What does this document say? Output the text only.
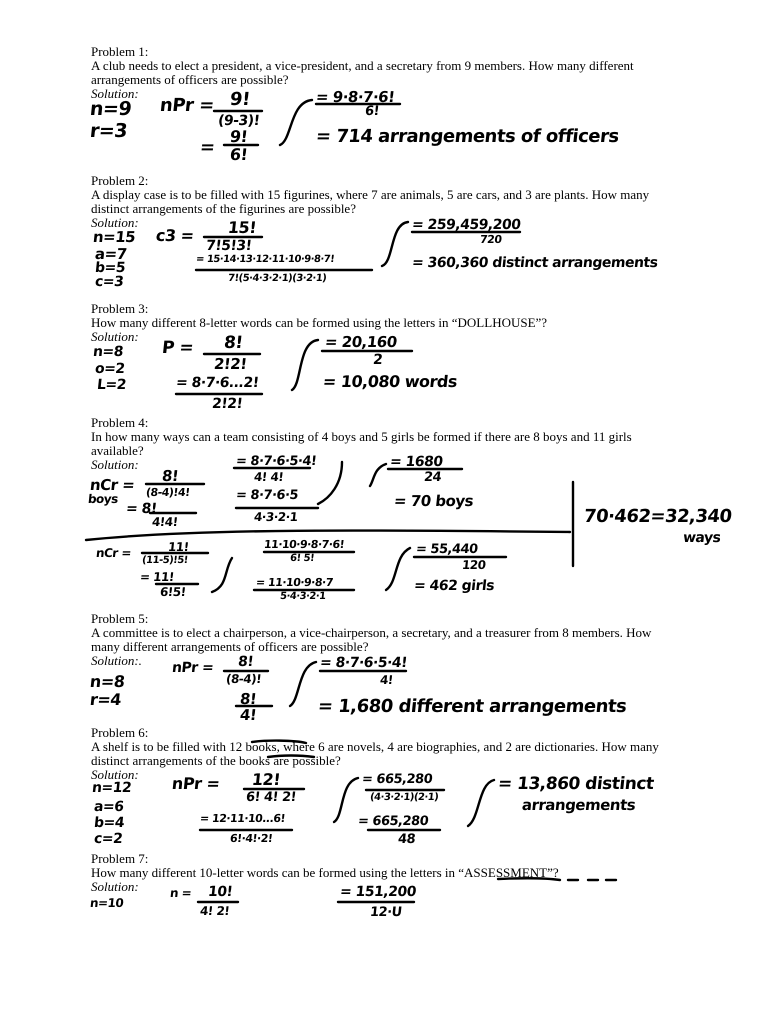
Problem 1:
A club needs to elect a president, a vice-president, and a secretary from 9 members. How many different arrangements of officers are possible?
Solution:
n=9
r=3
nPr = 9!
(9-3)!
=
9!
6!
= 9·8·7·6!
6!
= 714 arrangements of officers
Problem 2:
A display case is to be filled with 15 figurines, where 7 are animals, 5 are cars, and 3 are plants. How many distinct arrangements of the figurines are possible?
Solution:
n=15
a=7
b=5
c=3
c3 = 15!
7!5!3!
= 15·14·13·12·11·10·9·8·7!
7!(5·4·3·2·1)(3·2·1)
= 259,459,200
720
= 360,360 distinct arrangements
Problem 3:
How many different 8-letter words can be formed using the letters in “DOLLHOUSE”?
Solution:
n=8
o=2
L=2
P = 8!
2!2!
= 8·7·6...2!
2!2!
= 20,160
2
= 10,080 words
Problem 4:
In how many ways can a team consisting of 4 boys and 5 girls be formed if there are 8 boys and 11 girls available?
Solution:
nCr = 8!
(8-4)!4!
boys
= 8!
4!4!
= 8·7·6·5·4!
4! 4!
= 8·7·6·5
4·3·2·1
= 1680
24
= 70 boys
70·462=32,340
ways
nCr =	11!
(11-5)!5!
= 11!
6!5!
11·10·9·8·7·6!
6! 5!
= 11·10·9·8·7
5·4·3·2·1
= 55,440
120
= 462 girls
Problem 5:
A committee is to elect a chairperson, a vice-chairperson, a secretary, and a treasurer from 8 members. How many different arrangements of officers are possible?
Solution:.
n=8
r=4
nPr = 8!
(8-4)!
8!
4!
= 8·7·6·5·4!
4!
= 1,680 different arrangements
Problem 6:
A shelf is to be filled with 12 books, where 6 are novels, 4 are biographies, and 2 are dictionaries. How many distinct arrangements of the books are possible?
Solution:
n=12
a=6
b=4
c=2
nPr = 12!
6! 4! 2!
= 12·11·10...6!
6!·4!·2!
= 665,280
(4·3·2·1)(2·1)
= 665,280
48
= 13,860 distinct
arrangements
Problem 7:
How many different 10-letter words can be formed using the letters in “ASSESSMENT”?
Solution:
n=10
n = 10!
4! 2!
= 151,200
12·U
